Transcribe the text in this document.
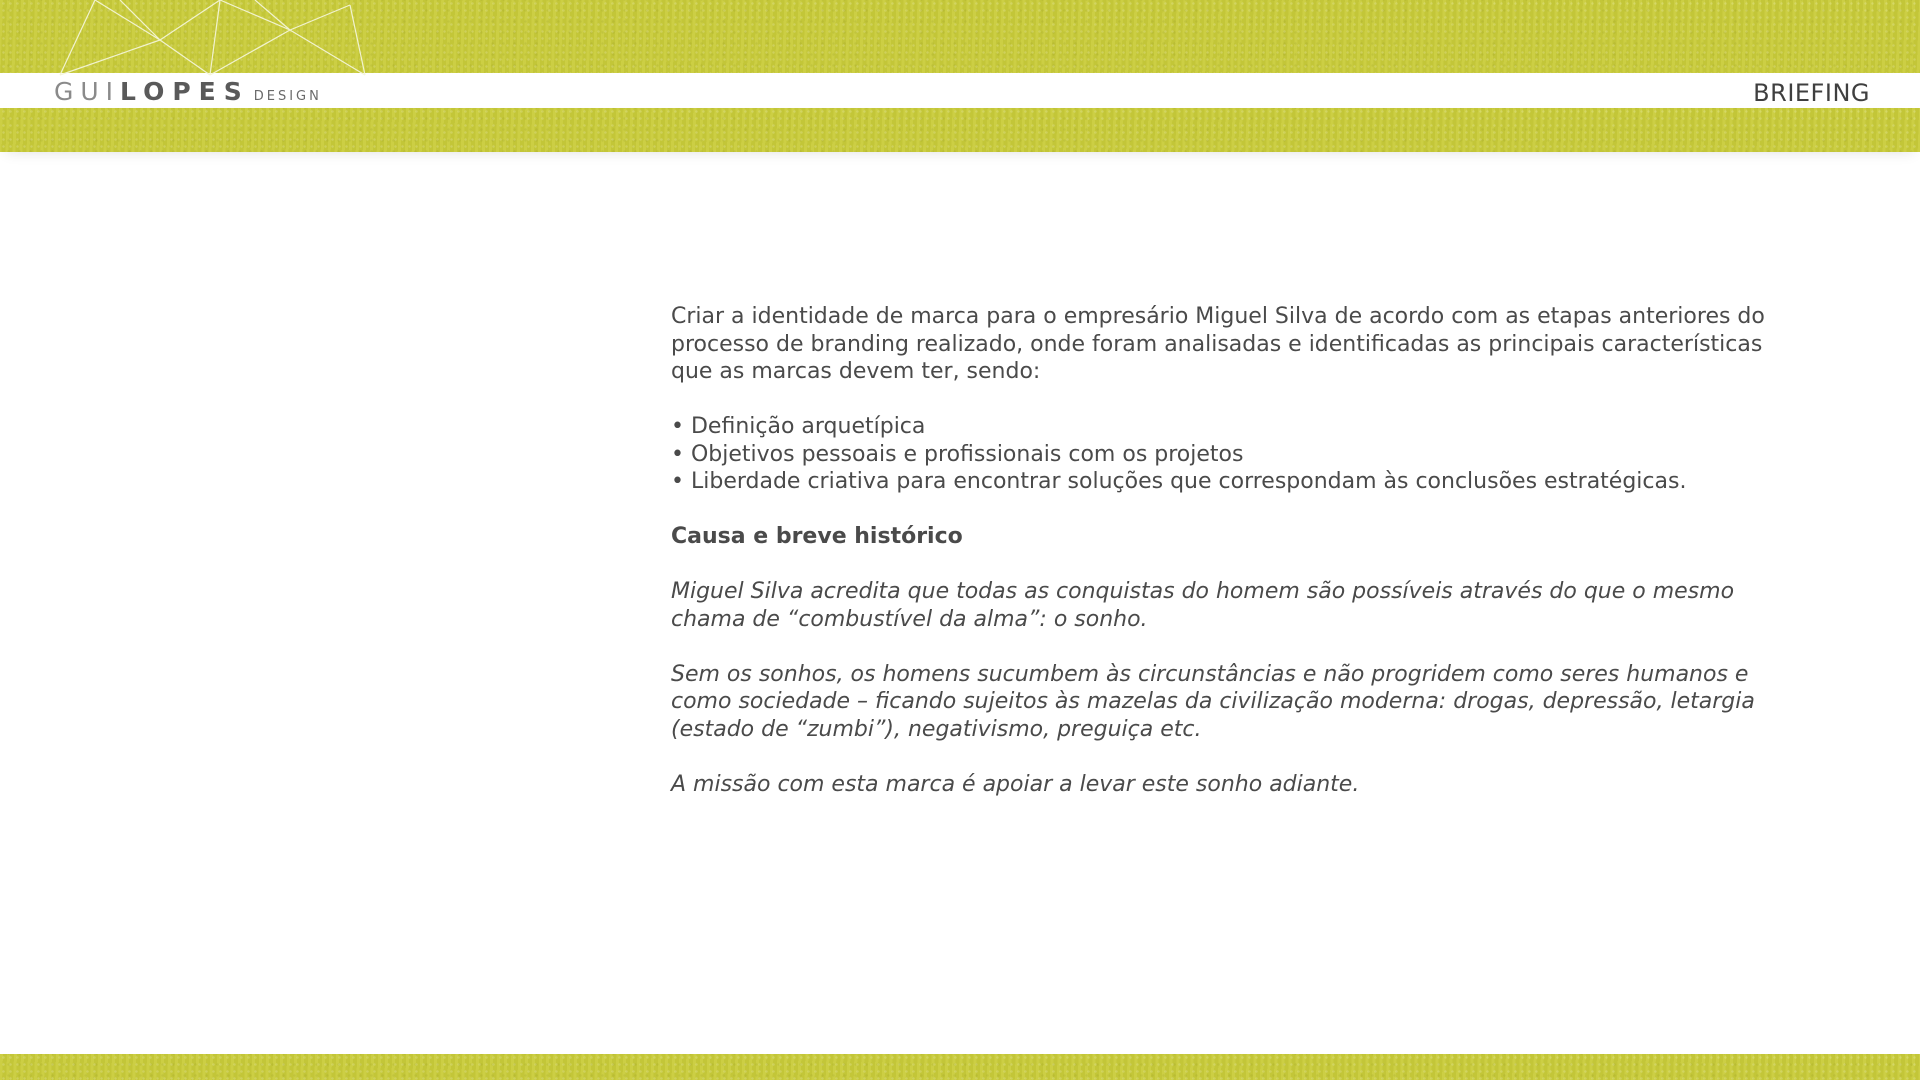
GUI LOPES DESIGN	BRIEFING

Criar a identidade de marca para o empresário Miguel Silva de acordo com as etapas anteriores do processo de branding realizado, onde foram analisadas e identificadas as principais características que as marcas devem ter, sendo:

• Definição arquetípica
• Objetivos pessoais e profissionais com os projetos
• Liberdade criativa para encontrar soluções que correspondam às conclusões estratégicas.

Causa e breve histórico

Miguel Silva acredita que todas as conquistas do homem são possíveis através do que o mesmo chama de “combustível da alma”: o sonho.

Sem os sonhos, os homens sucumbem às circunstâncias e não progridem como seres humanos e como sociedade – ficando sujeitos às mazelas da civilização moderna: drogas, depressão, letargia (estado de “zumbi”), negativismo, preguiça etc.

A missão com esta marca é apoiar a levar este sonho adiante.
